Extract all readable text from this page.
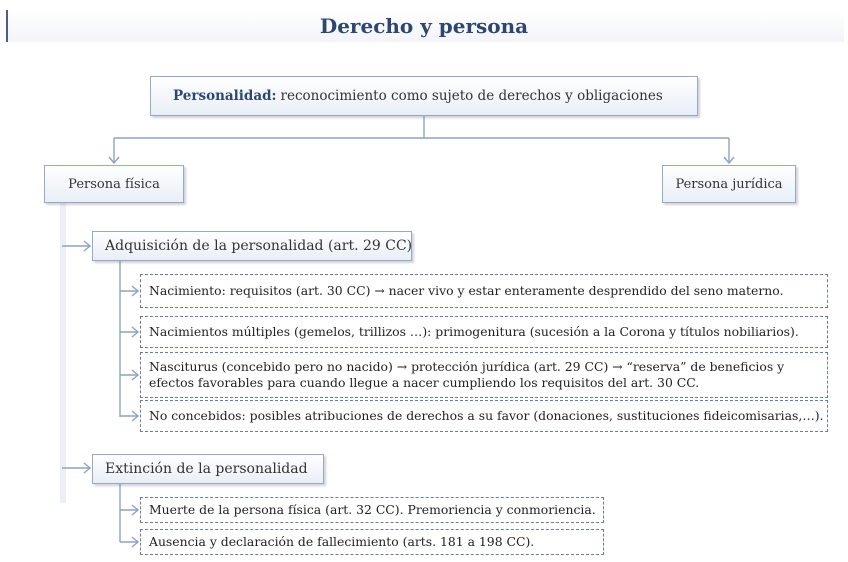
Derecho y persona
Personalidad: reconocimiento como sujeto de derechos y obligaciones
Persona física	Persona jurídica
Adquisición de la personalidad (art. 29 CC)
Nacimiento: requisitos (art. 30 CC) → nacer vivo y estar enteramente desprendido del seno materno.
Nacimientos múltiples (gemelos, trillizos …): primogenitura (sucesión a la Corona y títulos nobiliarios).
Nasciturus (concebido pero no nacido) → protección jurídica (art. 29 CC) → “reserva” de beneficios y efectos favorables para cuando llegue a nacer cumpliendo los requisitos del art. 30 CC.
No concebidos: posibles atribuciones de derechos a su favor (donaciones, sustituciones fideicomisarias,…).
Extinción de la personalidad
Muerte de la persona física (art. 32 CC). Premoriencia y conmoriencia.
Ausencia y declaración de fallecimiento (arts. 181 a 198 CC).
